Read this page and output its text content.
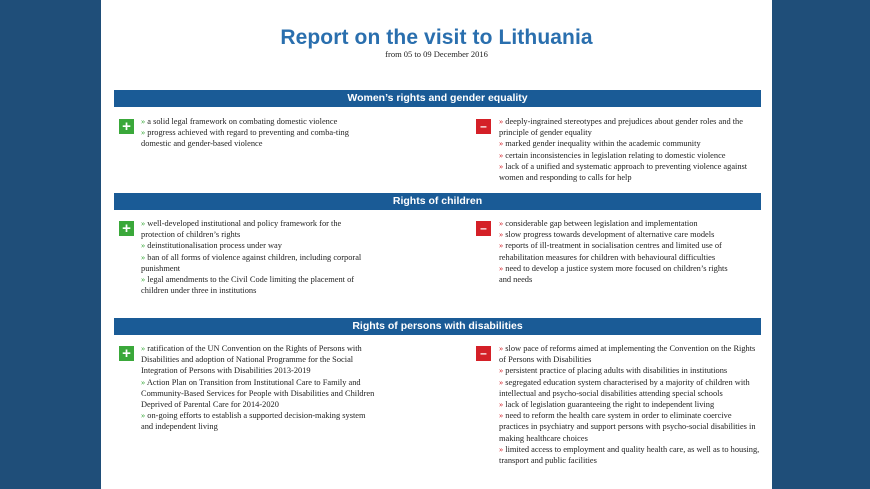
Report on the visit to Lithuania
from 05 to 09 December 2016
Women’s rights and gender equality
+	» a solid legal framework on combating domestic violence
» progress achieved with regard to preventing and comba-ting domestic and gender-based violence
–	» deeply-ingrained stereotypes and prejudices about gender roles and the principle of gender equality
» marked gender inequality within the academic community
» certain inconsistencies in legislation relating to domestic violence
» lack of a unified and systematic approach to preventing violence against women and responding to calls for help
Rights of children
+	» well-developed institutional and policy framework for the protection of children’s rights
» deinstitutionalisation process under way
» ban of all forms of violence against children, including corporal punishment
» legal amendments to the Civil Code limiting the placement of children under three in institutions
–	» considerable gap between legislation and implementation
» slow progress towards development of alternative care models
» reports of ill-treatment in socialisation centres and limited use of rehabilitation measures for children with behavioural difficulties
» need to develop a justice system more focused on children’s rights and needs
Rights of persons with disabilities
+	» ratification of the UN Convention on the Rights of Persons with Disabilities and adoption of National Programme for the Social Integration of Persons with Disabilities 2013-2019
» Action Plan on Transition from Institutional Care to Family and Community-Based Services for People with Disabilities and Children Deprived of Parental Care for 2014-2020
» on-going efforts to establish a supported decision-making system and independent living
–	» slow pace of reforms aimed at implementing the Convention on the Rights of Persons with Disabilities
» persistent practice of placing adults with disabilities in institutions
» segregated education system characterised by a majority of children with intellectual and psycho-social disabilities attending special schools
» lack of legislation guaranteeing the right to independent living
» need to reform the health care system in order to eliminate coercive practices in psychiatry and support persons with psycho-social disabilities in making healthcare choices
» limited access to employment and quality health care, as well as to housing, transport and public facilities
